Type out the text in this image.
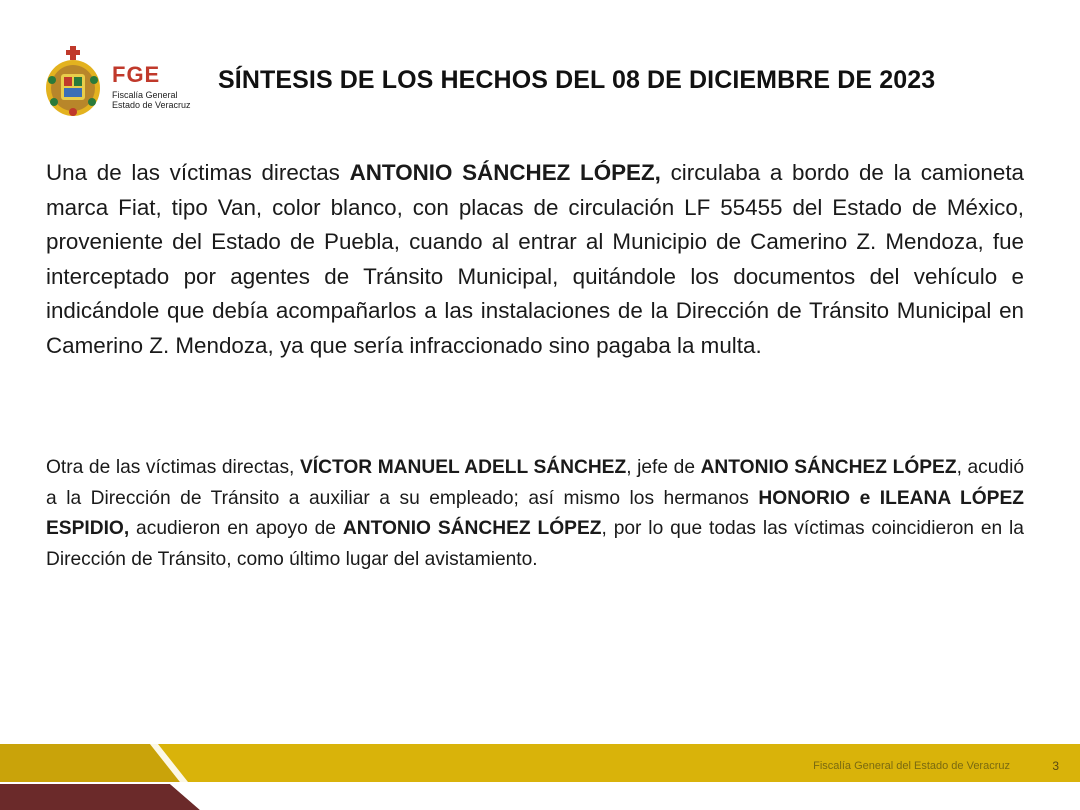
FGE
Fiscalía General
Estado de Veracruz
SÍNTESIS DE LOS HECHOS DEL 08 DE DICIEMBRE DE 2023

Una de las víctimas directas ANTONIO SÁNCHEZ LÓPEZ, circulaba a bordo de la camioneta marca Fiat, tipo Van, color blanco, con placas de circulación LF 55455 del Estado de México, proveniente del Estado de Puebla, cuando al entrar al Municipio de Camerino Z. Mendoza, fue interceptado por agentes de Tránsito Municipal, quitándole los documentos del vehículo e indicándole que debía acompañarlos a las instalaciones de la Dirección de Tránsito Municipal en Camerino Z. Mendoza, ya que sería infraccionado sino pagaba la multa.

Otra de las víctimas directas, VÍCTOR MANUEL ADELL SÁNCHEZ, jefe de ANTONIO SÁNCHEZ LÓPEZ, acudió a la Dirección de Tránsito a auxiliar a su empleado; así mismo los hermanos HONORIO e ILEANA LÓPEZ ESPIDIO, acudieron en apoyo de ANTONIO SÁNCHEZ LÓPEZ, por lo que todas las víctimas coincidieron en la Dirección de Tránsito, como último lugar del avistamiento.

Fiscalía General del Estado de Veracruz	3
